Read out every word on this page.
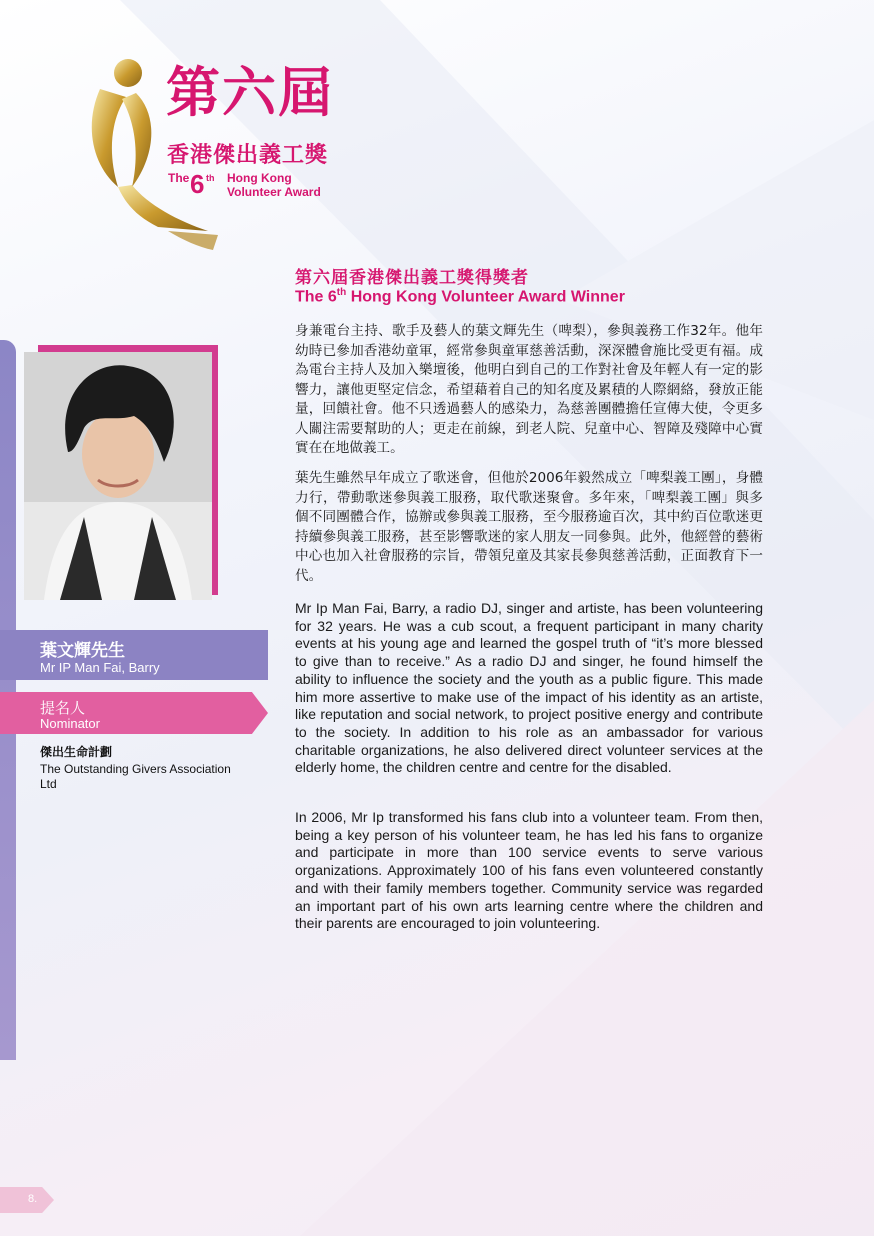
第六屆
香港傑出義工獎
The 6 th Hong Kong
Volunteer Award
葉文輝先生
Mr IP Man Fai, Barry
提名人
Nominator
傑出生命計劃
The Outstanding Givers Association Ltd
第六屆香港傑出義工獎得獎者
The 6th Hong Kong Volunteer Award Winner

身兼電台主持、歌手及藝人的葉文輝先生（啤梨），參與義務工作32年。他年幼時已參加香港幼童軍，經常參與童軍慈善活動，深深體會施比受更有福。成為電台主持人及加入樂壇後，他明白到自己的工作對社會及年輕人有一定的影響力，讓他更堅定信念，希望藉着自己的知名度及累積的人際網絡，發放正能量，回饋社會。他不只透過藝人的感染力，為慈善團體擔任宣傳大使，令更多人關注需要幫助的人；更走在前線，到老人院、兒童中心、智障及殘障中心實實在在地做義工。

葉先生雖然早年成立了歌迷會，但他於2006年毅然成立「啤梨義工團」，身體力行，帶動歌迷參與義工服務，取代歌迷聚會。多年來，「啤梨義工團」與多個不同團體合作，協辦或參與義工服務，至今服務逾百次，其中約百位歌迷更持續參與義工服務，甚至影響歌迷的家人朋友一同參與。此外，他經營的藝術中心也加入社會服務的宗旨，帶領兒童及其家長參與慈善活動，正面教育下一代。

Mr Ip Man Fai, Barry, a radio DJ, singer and artiste, has been volunteering for 32 years. He was a cub scout, a frequent participant in many charity events at his young age and learned the gospel truth of “it’s more blessed to give than to receive.” As a radio DJ and singer, he found himself the ability to influence the society and the youth as a public figure. This made him more assertive to make use of the impact of his identity as an artiste, like reputation and social network, to project positive energy and contribute to the society. In addition to his role as an ambassador for various charitable organizations, he also delivered direct volunteer services at the elderly home, the children centre and centre for the disabled.

In 2006, Mr Ip transformed his fans club into a volunteer team. From then, being a key person of his volunteer team, he has led his fans to organize and participate in more than 100 service events to serve various organizations. Approximately 100 of his fans even volunteered constantly and with their family members together. Community service was regarded an important part of his own arts learning centre where the children and their parents are encouraged to join volunteering.

8.
